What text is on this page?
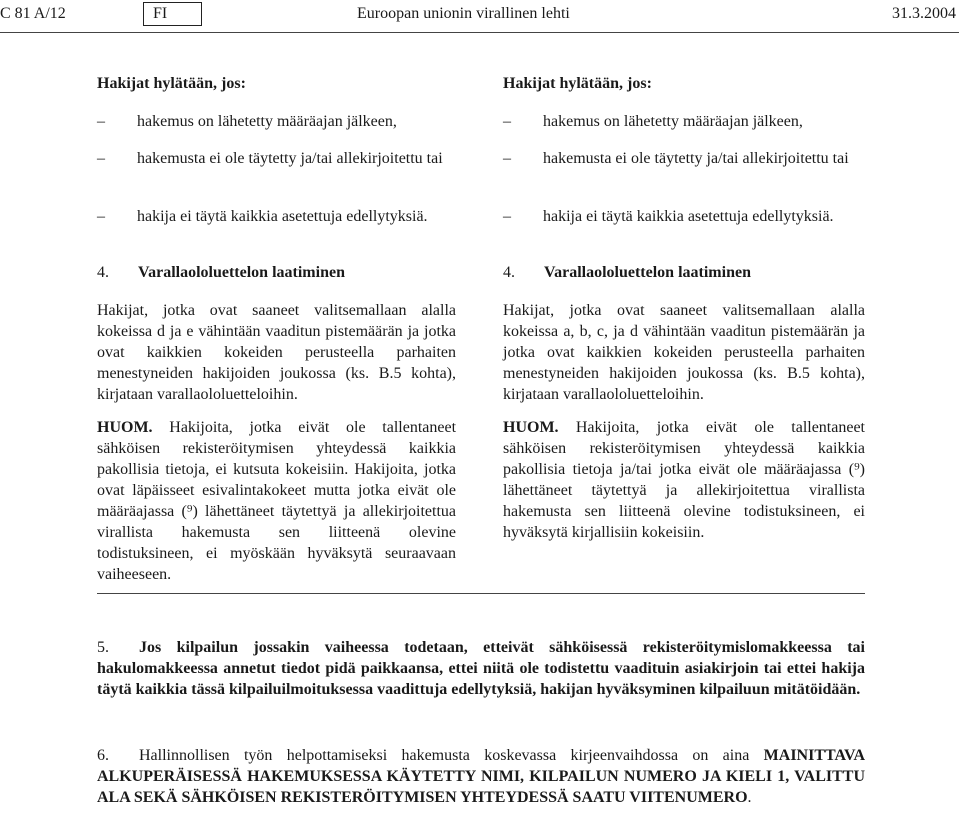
C 81 A/12	FI	Euroopan unionin virallinen lehti	31.3.2004
Hakijat hylätään, jos:
–	hakemus on lähetetty määräajan jälkeen,
–	hakemusta ei ole täytetty ja/tai allekirjoitettu tai
–	hakija ei täytä kaikkia asetettuja edellytyksiä.
4. Varallaololuettelon laatiminen
Hakijat, jotka ovat saaneet valitsemallaan alalla kokeissa d ja e vähintään vaaditun pistemäärän ja jotka ovat kaikkien kokeiden perusteella parhaiten menestyneiden hakijoiden joukossa (ks. B.5 kohta), kirjataan varallaololuetteloihin.
HUOM. Hakijoita, jotka eivät ole tallentaneet sähköisen rekisteröitymisen yhteydessä kaikkia pakollisia tietoja, ei kutsuta kokeisiin. Hakijoita, jotka ovat läpäisseet esivalintakokeet mutta jotka eivät ole määräajassa (⁹) lähettäneet täytettyä ja allekirjoitettua virallista hakemusta sen liitteenä olevine todistuksineen, ei myöskään hyväksytä seuraavaan vaiheeseen.
Hakijat hylätään, jos:
–	hakemus on lähetetty määräajan jälkeen,
–	hakemusta ei ole täytetty ja/tai allekirjoitettu tai
–	hakija ei täytä kaikkia asetettuja edellytyksiä.
4. Varallaololuettelon laatiminen
Hakijat, jotka ovat saaneet valitsemallaan alalla kokeissa a, b, c, ja d vähintään vaaditun pistemäärän ja jotka ovat kaikkien kokeiden perusteella parhaiten menestyneiden hakijoiden joukossa (ks. B.5 kohta), kirjataan varallaololuetteloihin.
HUOM. Hakijoita, jotka eivät ole tallentaneet sähköisen rekisteröitymisen yhteydessä kaikkia pakollisia tietoja ja/tai jotka eivät ole määräajassa (⁹) lähettäneet täytettyä ja allekirjoitettua virallista hakemusta sen liitteenä olevine todistuksineen, ei hyväksytä kirjallisiin kokeisiin.
5. Jos kilpailun jossakin vaiheessa todetaan, etteivät sähköisessä rekisteröitymislomakkeessa tai hakulomakkeessa annetut tiedot pidä paikkaansa, ettei niitä ole todistettu vaadituin asiakirjoin tai ettei hakija täytä kaikkia tässä kilpailuilmoituksessa vaadittuja edellytyksiä, hakijan hyväksyminen kilpailuun mitätöidään.
6. Hallinnollisen työn helpottamiseksi hakemusta koskevassa kirjeenvaihdossa on aina MAINITTAVA ALKUPERÄISESSÄ HAKEMUKSESSA KÄYTETTY NIMI, KILPAILUN NUMERO JA KIELI 1, VALITTU ALA SEKÄ SÄHKÖISEN REKISTERÖITYMISEN YHTEYDESSÄ SAATU VIITENUMERO.
